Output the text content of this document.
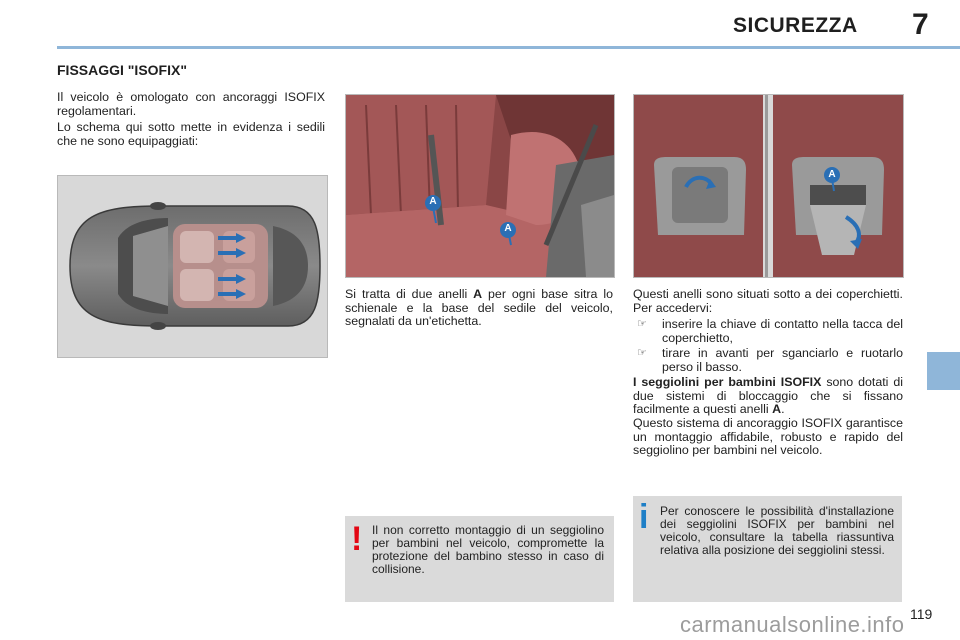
SICUREZZA 7
FISSAGGI "ISOFIX"

Il veicolo è omologato con ancoraggi ISOFIX regolamentari.

Lo schema qui sotto mette in evidenza i sedili che ne sono equipaggiati:

A
A
A

Si tratta di due anelli A per ogni base sitra lo schienale e la base del sedile del veicolo, segnalati da un'etichetta.

Questi anelli sono situati sotto a dei coperchietti. Per accedervi:

☞	inserire la chiave di contatto nella tacca del coperchietto,
☞	tirare in avanti per sganciarlo e ruotarlo perso il basso.

I seggiolini per bambini ISOFIX sono dotati di due sistemi di bloccaggio che si fissano facilmente a questi anelli A.

Questo sistema di ancoraggio ISOFIX garantisce un montaggio affidabile, robusto e rapido del seggiolino per bambini nel veicolo.

! Il non corretto montaggio di un seggiolino per bambini nel veicolo, compromette la protezione del bambino stesso in caso di collisione.

i Per conoscere le possibilità d'installazione dei seggiolini ISOFIX per bambini nel veicolo, consultare la tabella riassuntiva relativa alla posizione dei seggiolini stessi.

119
carmanualsonline.info
